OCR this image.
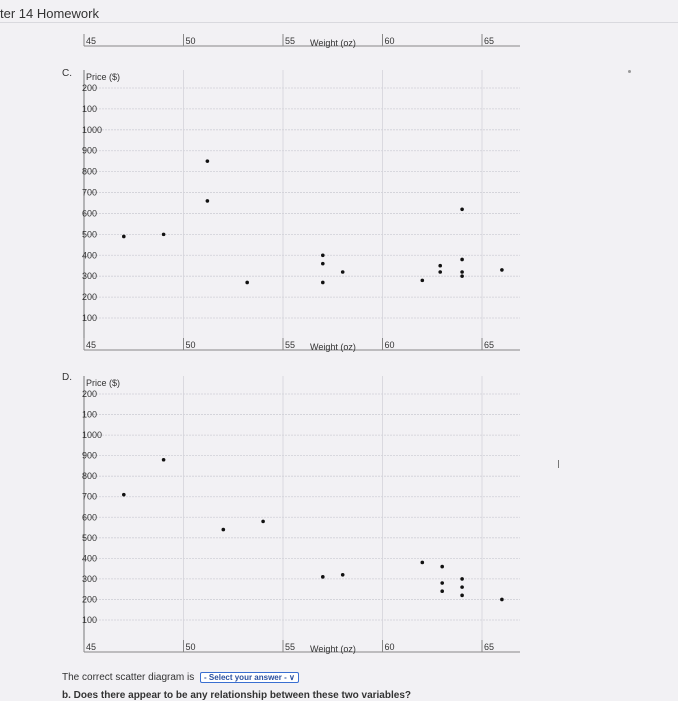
ter 14 Homework
45	50	55	60	65
Weight (oz)
C. Price ($)
200
100
1000
900
800
700
600
500
400
300
200
100
45	50	55	60	65
Weight (oz)
D. Price ($)
200
100
1000
900
800
700
600
500
400
300
200
100
45	50	55	60	65
Weight (oz)
The correct scatter diagram is - Select your answer - ∨
b. Does there appear to be any relationship between these two variables?
